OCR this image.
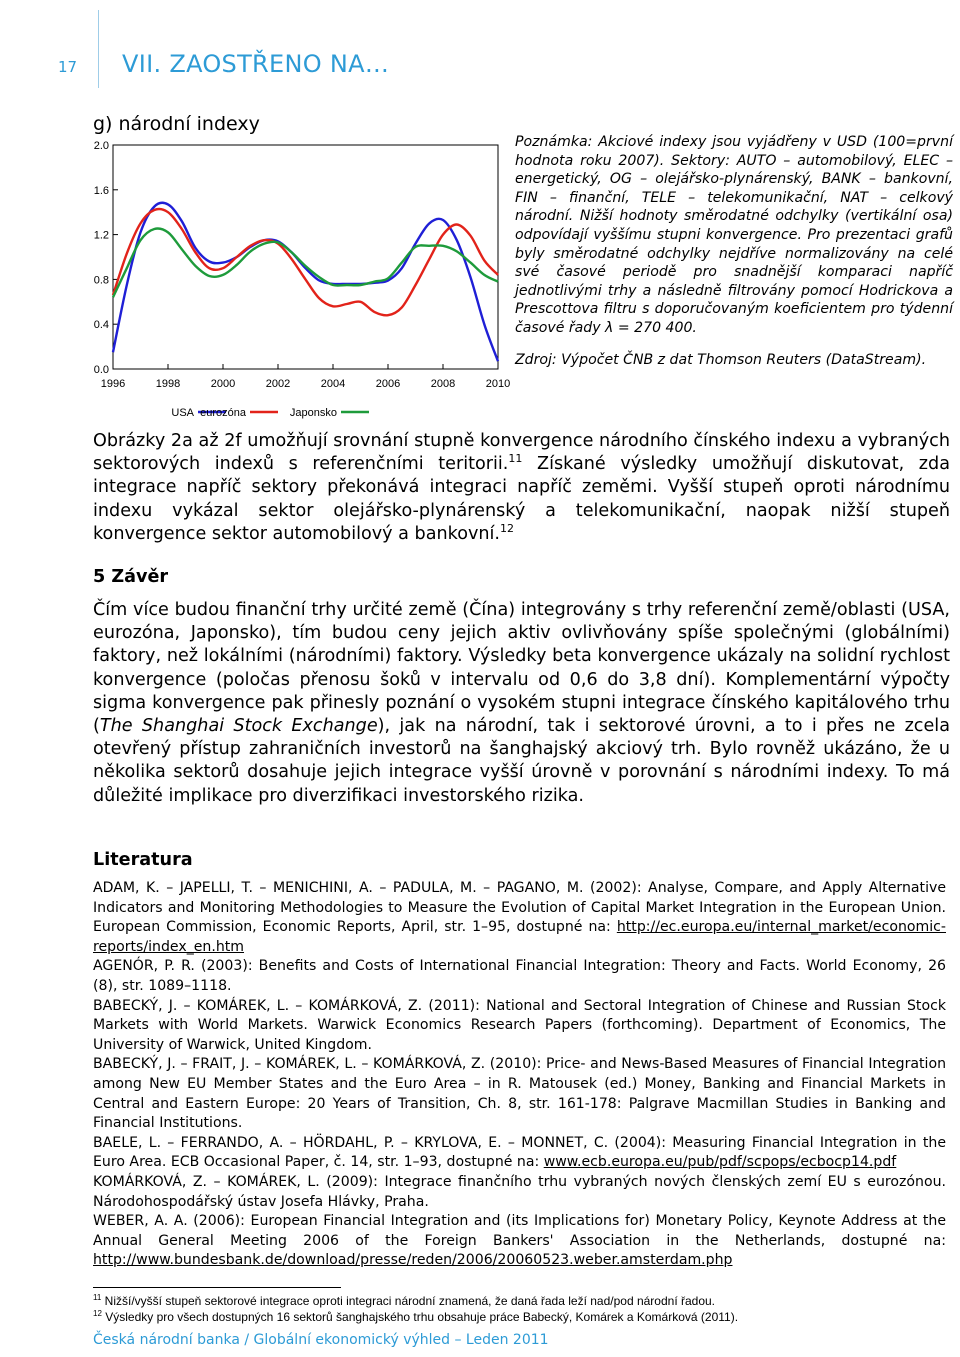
17 VII. ZAOSTŘENO NA…
g) národní indexy
0.0
0.4
0.8
1.2
1.6
2.0
1996	1998	2000	2002	2004	2006	2008	2010
USA eurozóna	Japonsko
Poznámka: Akciové indexy jsou vyjádřeny v USD (100=první hodnota roku 2007). Sektory: AUTO – automobilový, ELEC – energetický, OG – olejářsko-plynárenský, BANK – bankovní, FIN – finanční, TELE – telekomunikační, NAT – celkový národní. Nižší hodnoty směrodatné odchylky (vertikální osa) odpovídají vyššímu stupni konvergence. Pro prezentaci grafů byly směrodatné odchylky nejdříve normalizovány na celé své časové periodě pro snadnější komparaci napříč jednotlivými trhy a následně filtrovány pomocí Hodrickova a Prescottova filtru s doporučovaným koeficientem pro týdenní časové řady λ = 270 400.
Zdroj: Výpočet ČNB z dat Thomson Reuters (DataStream).
Obrázky 2a až 2f umožňují srovnání stupně konvergence národního čínského indexu a vybraných sektorových indexů s referenčními teritorii.$^{11}$ Získané výsledky umožňují diskutovat, zda integrace napříč sektory překonává integraci napříč zeměmi. Vyšší stupeň oproti národnímu indexu vykázal sektor olejářsko-plynárenský a telekomunikační, naopak nižší stupeň konvergence sektor automobilový a bankovní.$^{12}$
5 Závěr
Čím více budou finanční trhy určité země (Čína) integrovány s trhy referenční země/oblasti (USA, eurozóna, Japonsko), tím budou ceny jejich aktiv ovlivňovány spíše společnými (globálními) faktory, než lokálními (národními) faktory. Výsledky beta konvergence ukázaly na solidní rychlost konvergence (poločas přenosu šoků v intervalu od 0,6 do 3,8 dní). Komplementární výpočty sigma konvergence pak přinesly poznání o vysokém stupni integrace čínského kapitálového trhu (The Shanghai Stock Exchange), jak na národní, tak i sektorové úrovni, a to i přes ne zcela otevřený přístup zahraničních investorů na šanghajský akciový trh. Bylo rovněž ukázáno, že u několika sektorů dosahuje jejich integrace vyšší úrovně v porovnání s národními indexy. To má důležité implikace pro diverzifikaci investorského rizika.
Literatura

ADAM, K. – JAPELLI, T. – MENICHINI, A. – PADULA, M. – PAGANO, M. (2002): Analyse, Compare, and Apply Alternative Indicators and Monitoring Methodologies to Measure the Evolution of Capital Market Integration in the European Union. European Commission, Economic Reports, April, str. 1–95, dostupné na: http://ec.europa.eu/internal_market/economic-reports/index_en.htm

AGENÓR, P. R. (2003): Benefits and Costs of International Financial Integration: Theory and Facts. World Economy, 26 (8), str. 1089–1118.

BABECKÝ, J. – KOMÁREK, L. – KOMÁRKOVÁ, Z. (2011): National and Sectoral Integration of Chinese and Russian Stock Markets with World Markets. Warwick Economics Research Papers (forthcoming). Department of Economics, The University of Warwick, United Kingdom.

BABECKÝ, J. – FRAIT, J. – KOMÁREK, L. – KOMÁRKOVÁ, Z. (2010): Price- and News-Based Measures of Financial Integration among New EU Member States and the Euro Area – in R. Matousek (ed.) Money, Banking and Financial Markets in Central and Eastern Europe: 20 Years of Transition, Ch. 8, str. 161-178: Palgrave Macmillan Studies in Banking and Financial Institutions.

BAELE, L. – FERRANDO, A. – HÖRDAHL, P. – KRYLOVA, E. – MONNET, C. (2004): Measuring Financial Integration in the Euro Area. ECB Occasional Paper, č. 14, str. 1–93, dostupné na: www.ecb.europa.eu/pub/pdf/scpops/ecbocp14.pdf

KOMÁRKOVÁ, Z. – KOMÁREK, L. (2009): Integrace finančního trhu vybraných nových členských zemí EU s eurozónou. Národohospodářský ústav Josefa Hlávky, Praha.

WEBER, A. A. (2006): European Financial Integration and (its Implications for) Monetary Policy, Keynote Address at the Annual General Meeting 2006 of the Foreign Bankers' Association in the Netherlands, dostupné na: http://www.bundesbank.de/download/presse/reden/2006/20060523.weber.amsterdam.php

$^{11}$ Nižší/vyšší stupeň sektorové integrace oproti integraci národní znamená, že daná řada leží nad/pod národní řadou.
$^{12}$ Výsledky pro všech dostupných 16 sektorů šanghajského trhu obsahuje práce Babecký, Komárek a Komárková (2011).
Česká národní banka / Globální ekonomický výhled – Leden 2011
